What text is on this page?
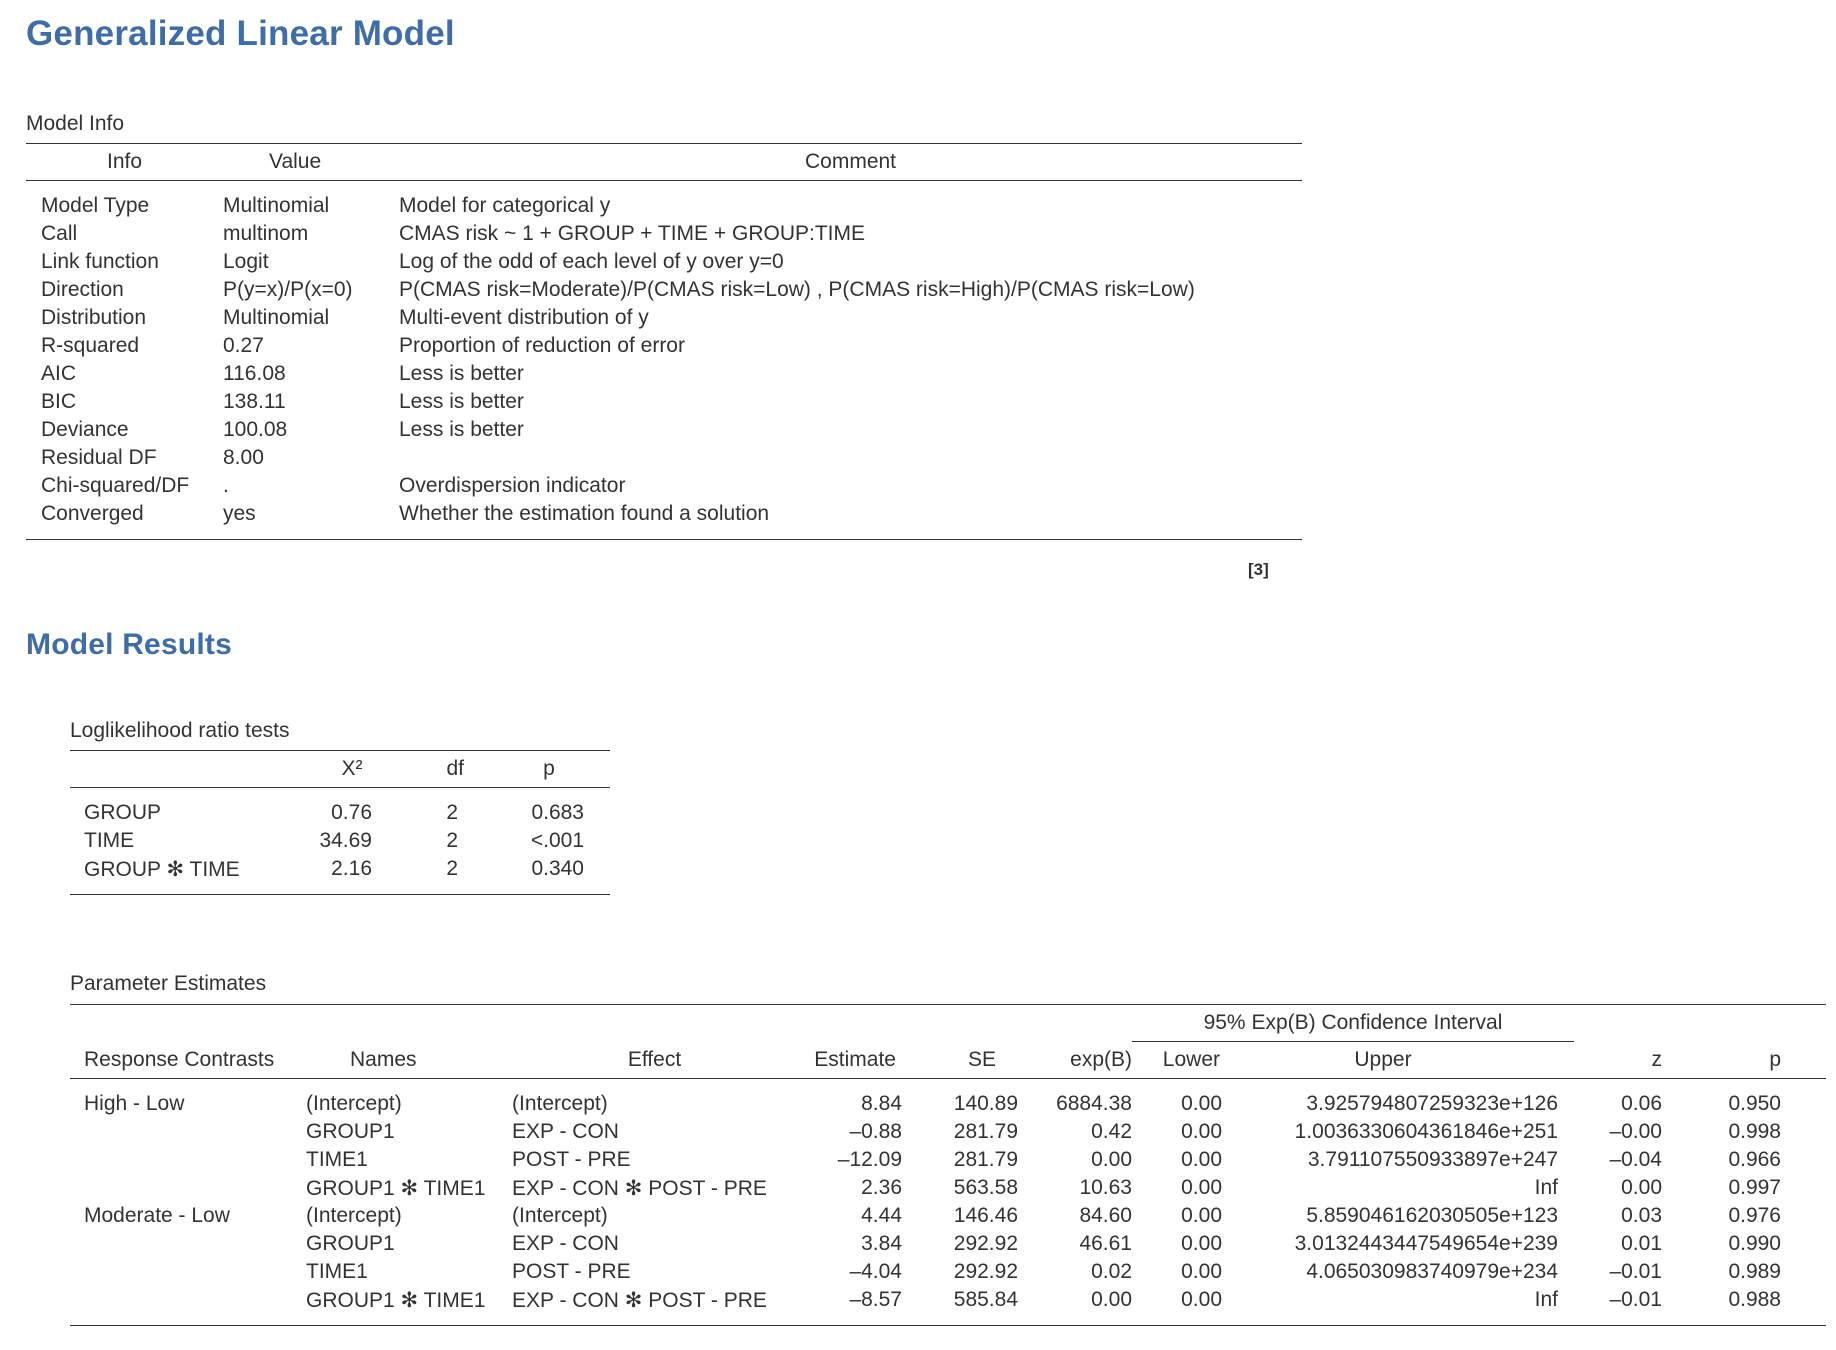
Generalized Linear Model
Model Info
Info	Value	Comment
Model Type	Multinomial	Model for categorical y
Call	multinom	CMAS risk ~ 1 + GROUP + TIME + GROUP:TIME
Link function	Logit	Log of the odd of each level of y over y=0
Direction	P(y=x)/P(x=0)	P(CMAS risk=Moderate)/P(CMAS risk=Low) , P(CMAS risk=High)/P(CMAS risk=Low)
Distribution	Multinomial	Multi-event distribution of y
R-squared	0.27	Proportion of reduction of error
AIC	116.08	Less is better
BIC	138.11	Less is better
Deviance	100.08	Less is better
Residual DF	8.00	
Chi-squared/DF	.	Overdispersion indicator
Converged	yes	Whether the estimation found a solution
[3]
Model Results
Loglikelihood ratio tests
	X²	df	p	
GROUP	0.76	2	0.683	
TIME	34.69	2	<.001	
GROUP ✻ TIME	2.16	2	0.340	
Parameter Estimates
						95% Exp(B) Confidence Interval				
Response Contrasts	Names	Effect	Estimate	SE	exp(B)	Lower	Upper	z	p	
High - Low	(Intercept)	(Intercept)	8.84	140.89	6884.38	0.00	3.925794807259323e+126	0.06	0.950	
	GROUP1	EXP - CON	–0.88	281.79	0.42	0.00	1.0036330604361846e+251	–0.00	0.998	
	TIME1	POST - PRE	–12.09	281.79	0.00	0.00	3.791107550933897e+247	–0.04	0.966	
	GROUP1 ✻ TIME1	EXP - CON ✻ POST - PRE	2.36	563.58	10.63	0.00	Inf	0.00	0.997	
Moderate - Low	(Intercept)	(Intercept)	4.44	146.46	84.60	0.00	5.859046162030505e+123	0.03	0.976	
	GROUP1	EXP - CON	3.84	292.92	46.61	0.00	3.0132443447549654e+239	0.01	0.990	
	TIME1	POST - PRE	–4.04	292.92	0.02	0.00	4.065030983740979e+234	–0.01	0.989	
	GROUP1 ✻ TIME1	EXP - CON ✻ POST - PRE	–8.57	585.84	0.00	0.00	Inf	–0.01	0.988	
